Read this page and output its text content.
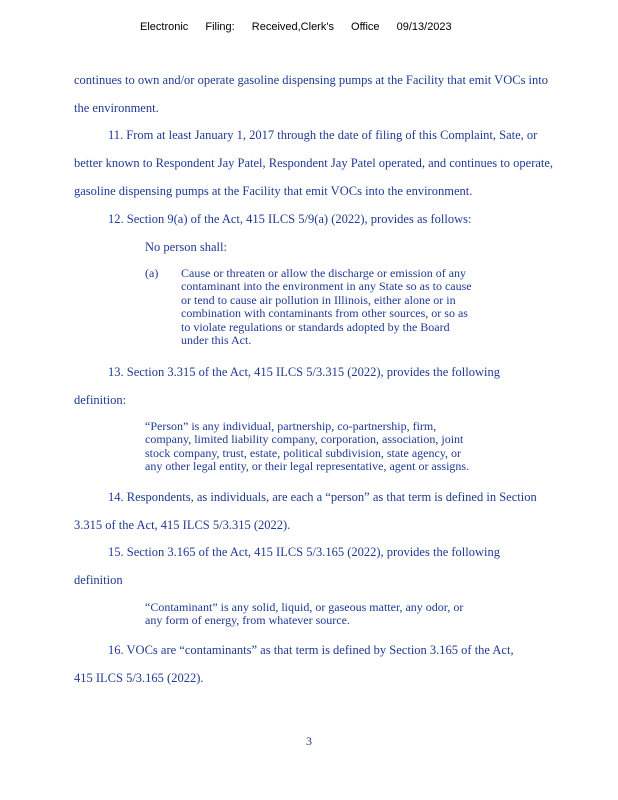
Electronic Filing: Received,Clerk's Office 09/13/2023
continues to own and/or operate gasoline dispensing pumps at the Facility that emit VOCs into
the environment.
11. From at least January 1, 2017 through the date of filing of this Complaint, Sate, or
better known to Respondent Jay Patel, Respondent Jay Patel operated, and continues to operate,
gasoline dispensing pumps at the Facility that emit VOCs into the environment.
12. Section 9(a) of the Act, 415 ILCS 5/9(a) (2022), provides as follows:
No person shall:
(a) Cause or threaten or allow the discharge or emission of any
contaminant into the environment in any State so as to cause
or tend to cause air pollution in Illinois, either alone or in
combination with contaminants from other sources, or so as
to violate regulations or standards adopted by the Board
under this Act.
13. Section 3.315 of the Act, 415 ILCS 5/3.315 (2022), provides the following
definition:
“Person” is any individual, partnership, co-partnership, firm,
company, limited liability company, corporation, association, joint
stock company, trust, estate, political subdivision, state agency, or
any other legal entity, or their legal representative, agent or assigns.
14. Respondents, as individuals, are each a “person” as that term is defined in Section
3.315 of the Act, 415 ILCS 5/3.315 (2022).
15. Section 3.165 of the Act, 415 ILCS 5/3.165 (2022), provides the following
definition
“Contaminant” is any solid, liquid, or gaseous matter, any odor, or
any form of energy, from whatever source.
16. VOCs are “contaminants” as that term is defined by Section 3.165 of the Act,
415 ILCS 5/3.165 (2022).
3
